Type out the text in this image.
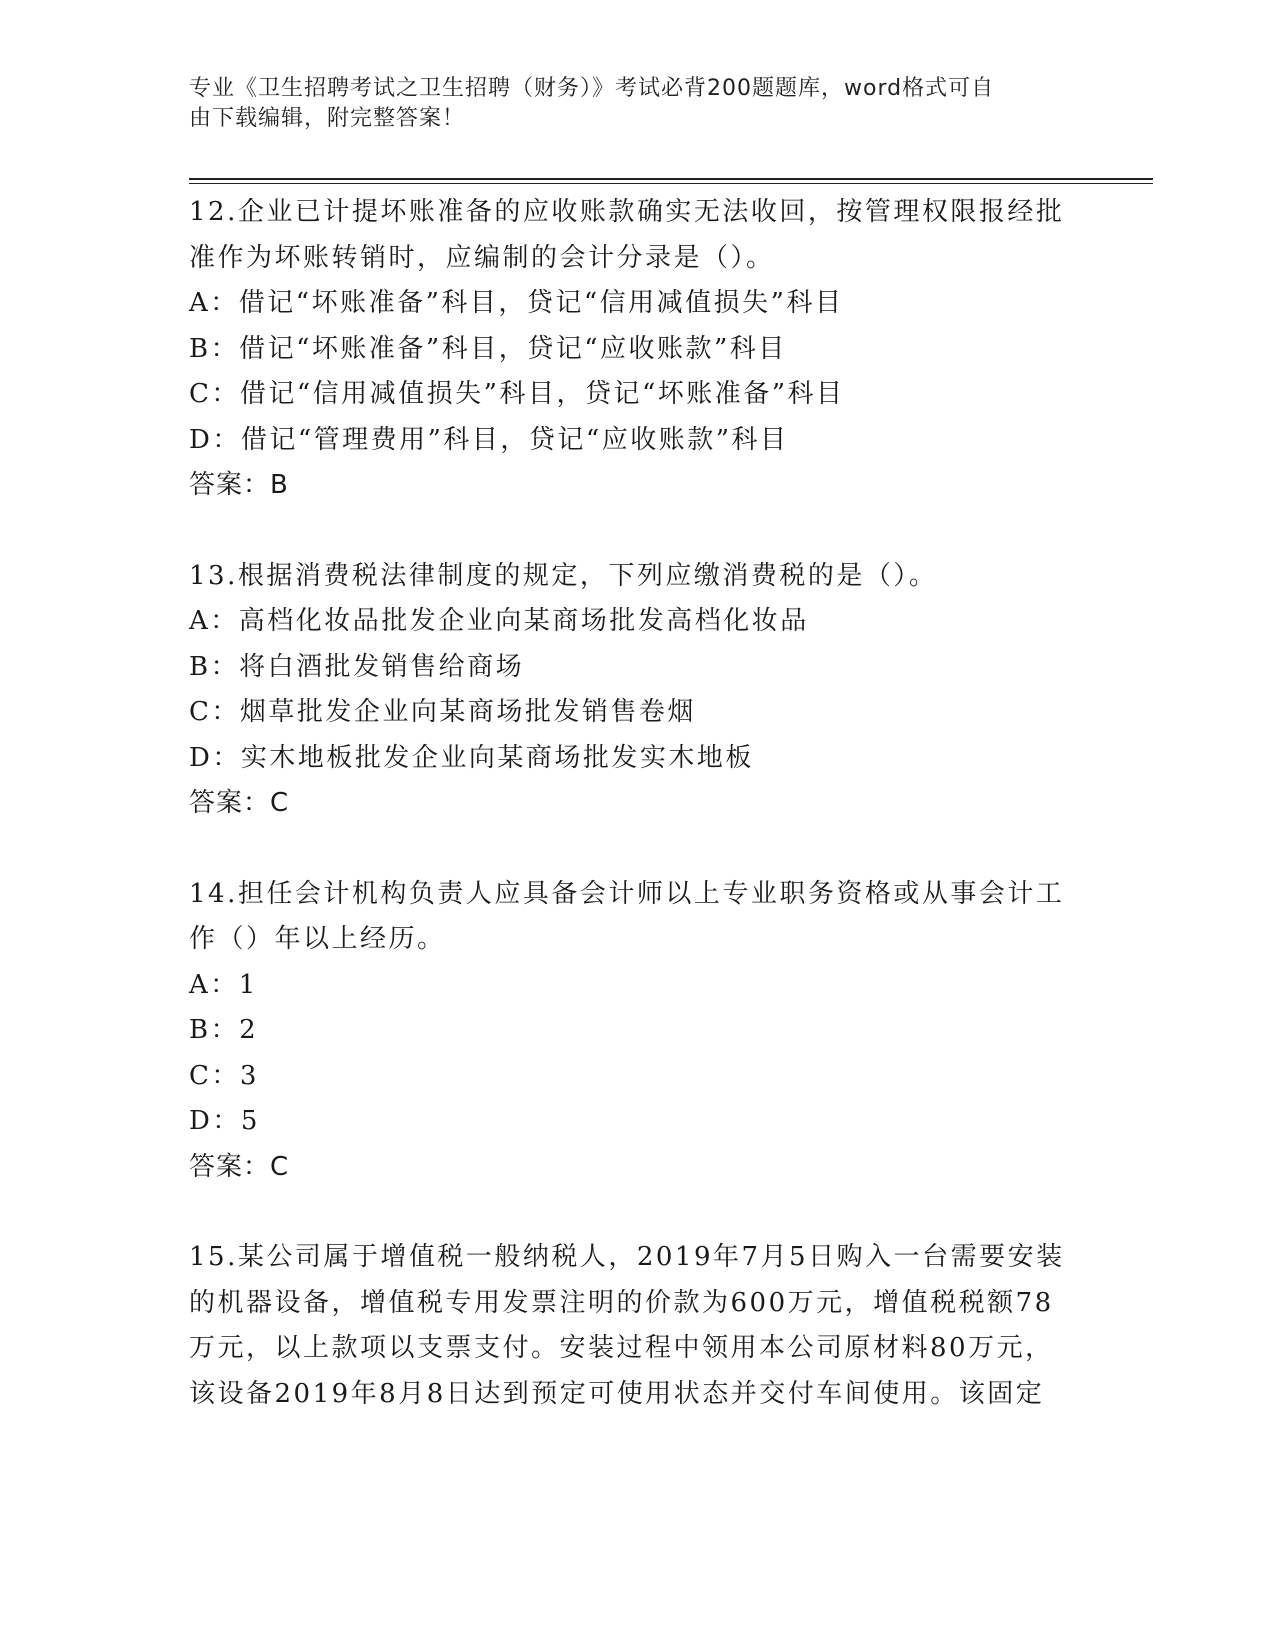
专业《卫生招聘考试之卫生招聘（财务）》考试必背200题题库，word格式可自
由下载编辑，附完整答案！
12.企业已计提坏账准备的应收账款确实无法收回，按管理权限报经批
准作为坏账转销时，应编制的会计分录是（）。
A：借记“坏账准备”科目，贷记“信用减值损失”科目
B：借记“坏账准备”科目，贷记“应收账款”科目
C：借记“信用减值损失”科目，贷记“坏账准备”科目
D：借记“管理费用”科目，贷记“应收账款”科目
答案：B
13.根据消费税法律制度的规定，下列应缴消费税的是（）。
A：高档化妆品批发企业向某商场批发高档化妆品
B：将白酒批发销售给商场
C：烟草批发企业向某商场批发销售卷烟
D：实木地板批发企业向某商场批发实木地板
答案：C
14.担任会计机构负责人应具备会计师以上专业职务资格或从事会计工
作（）年以上经历。
A：1
B：2
C：3
D：5
答案：C
15.某公司属于增值税一般纳税人，2019年7月5日购入一台需要安装
的机器设备，增值税专用发票注明的价款为600万元，增值税税额78
万元，以上款项以支票支付。安装过程中领用本公司原材料80万元，
该设备2019年8月8日达到预定可使用状态并交付车间使用。该固定
